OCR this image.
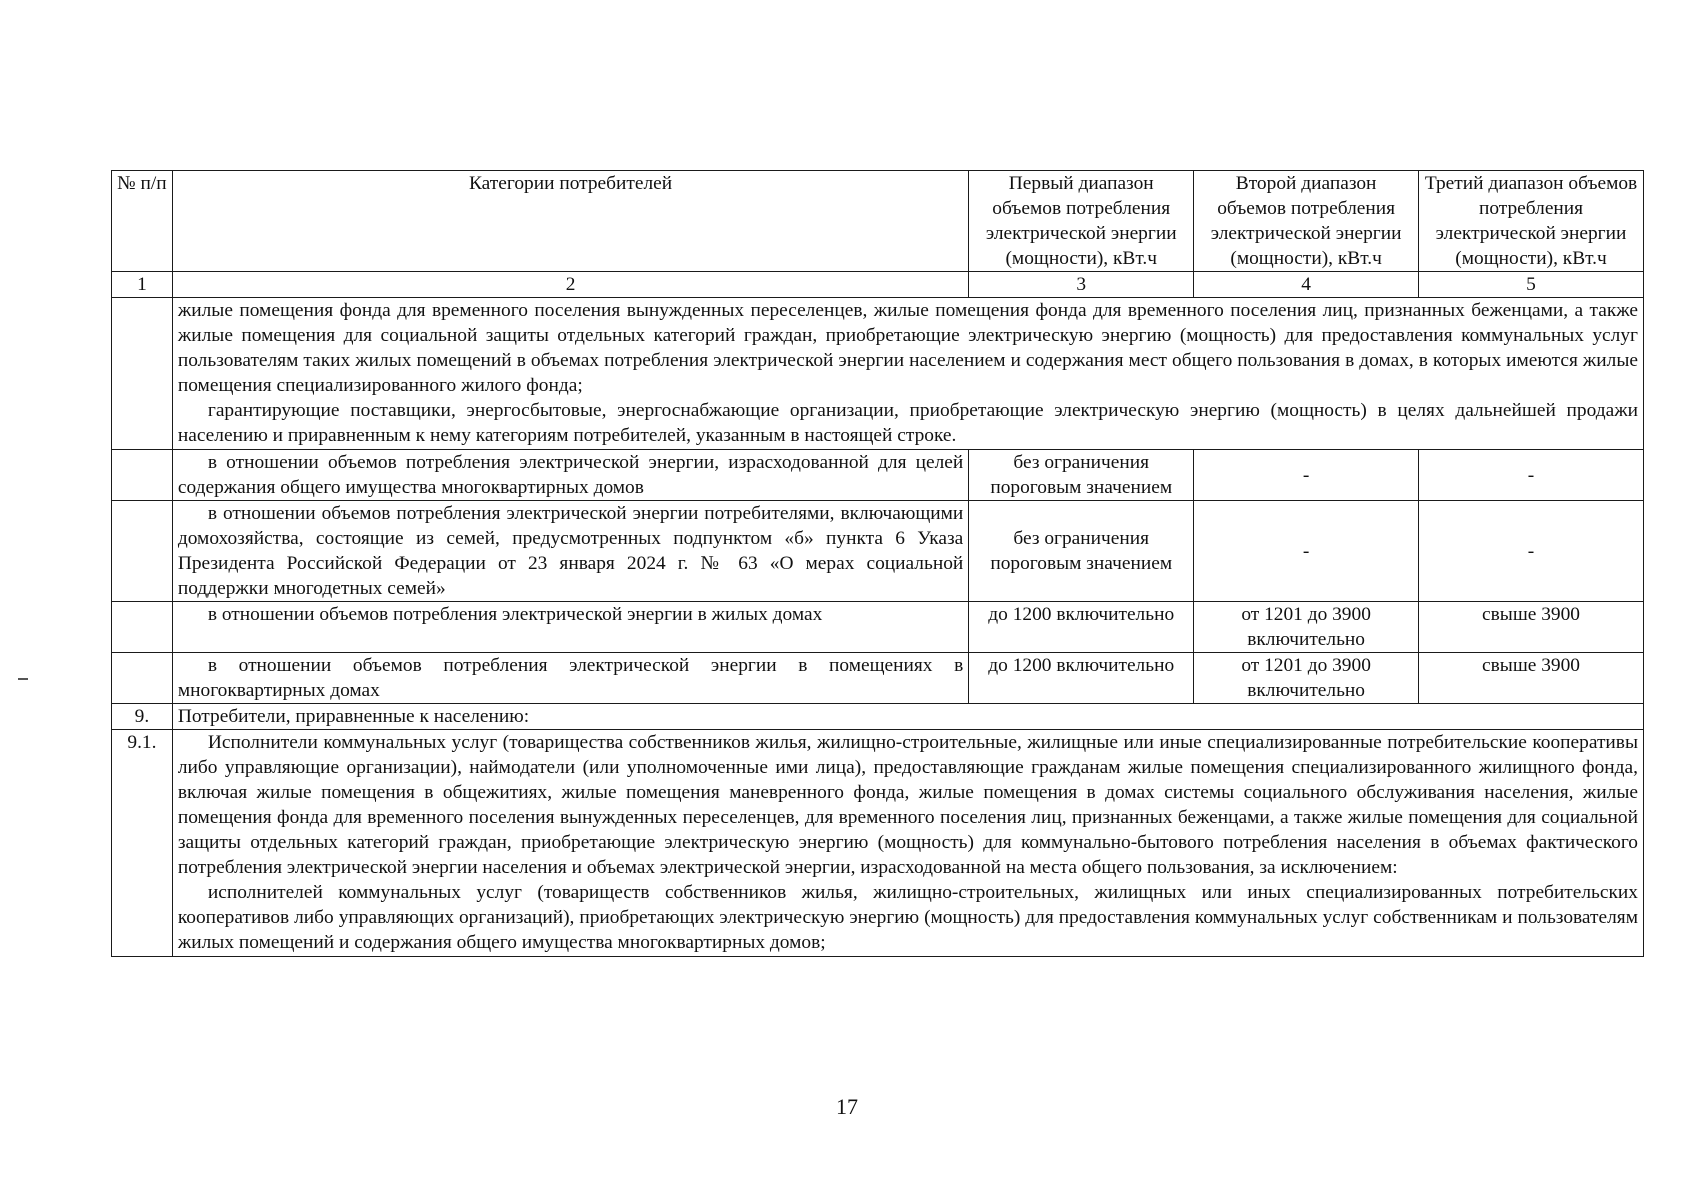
№ п/п	Категории потребителей	Первый диапазон объемов потребления электрической энергии (мощности), кВт.ч	Второй диапазон объемов потребления электрической энергии (мощности), кВт.ч	Третий диапазон объемов потребления электрической энергии (мощности), кВт.ч
1	2	3	4	5

	жилые помещения фонда для временного поселения вынужденных переселенцев, жилые помещения фонда для временного поселения лиц, признанных беженцами, а также жилые помещения для социальной защиты отдельных категорий граждан, приобретающие электрическую энергию (мощность) для предоставления коммунальных услуг пользователям таких жилых помещений в объемах потребления электрической энергии населением и содержания мест общего пользования в домах, в которых имеются жилые помещения специализированного жилого фонда;

гарантирующие поставщики, энергосбытовые, энергоснабжающие организации, приобретающие электрическую энергию (мощность) в целях дальнейшей продажи населению и приравненным к нему категориям потребителей, указанным в настоящей строке.			

	в отношении объемов потребления электрической энергии, израсходованной для целей содержания общего имущества многоквартирных домов	без ограничения пороговым значением	-	-

	в отношении объемов потребления электрической энергии потребителями, включающими домохозяйства, состоящие из семей, предусмотренных подпунктом «б» пункта 6 Указа Президента Российской Федерации от 23 января 2024 г. № 63 «О мерах социальной поддержки многодетных семей»	без ограничения пороговым значением	-	-

	в отношении объемов потребления электрической энергии в жилых домах	до 1200 включительно	от 1201 до 3900 включительно	свыше 3900

	в отношении объемов потребления электрической энергии в помещениях в многоквартирных домах	до 1200 включительно	от 1201 до 3900 включительно	свыше 3900
9.	Потребители, приравненные к населению:			
9.1.	Исполнители коммунальных услуг (товарищества собственников жилья, жилищно-строительные, жилищные или иные специализированные потребительские кооперативы либо управляющие организации), наймодатели (или уполномоченные ими лица), предоставляющие гражданам жилые помещения специализированного жилищного фонда, включая жилые помещения в общежитиях, жилые помещения маневренного фонда, жилые помещения в домах системы социального обслуживания населения, жилые помещения фонда для временного поселения вынужденных переселенцев, для временного поселения лиц, признанных беженцами, а также жилые помещения для социальной защиты отдельных категорий граждан, приобретающие электрическую энергию (мощность) для коммунально-бытового потребления населения в объемах фактического потребления электрической энергии населения и объемах электрической энергии, израсходованной на места общего пользования, за исключением:

исполнителей коммунальных услуг (товариществ собственников жилья, жилищно-строительных, жилищных или иных специализированных потребительских кооперативов либо управляющих организаций), приобретающих электрическую энергию (мощность) для предоставления коммунальных услуг собственникам и пользователям жилых помещений и содержания общего имущества многоквартирных домов;			

17
